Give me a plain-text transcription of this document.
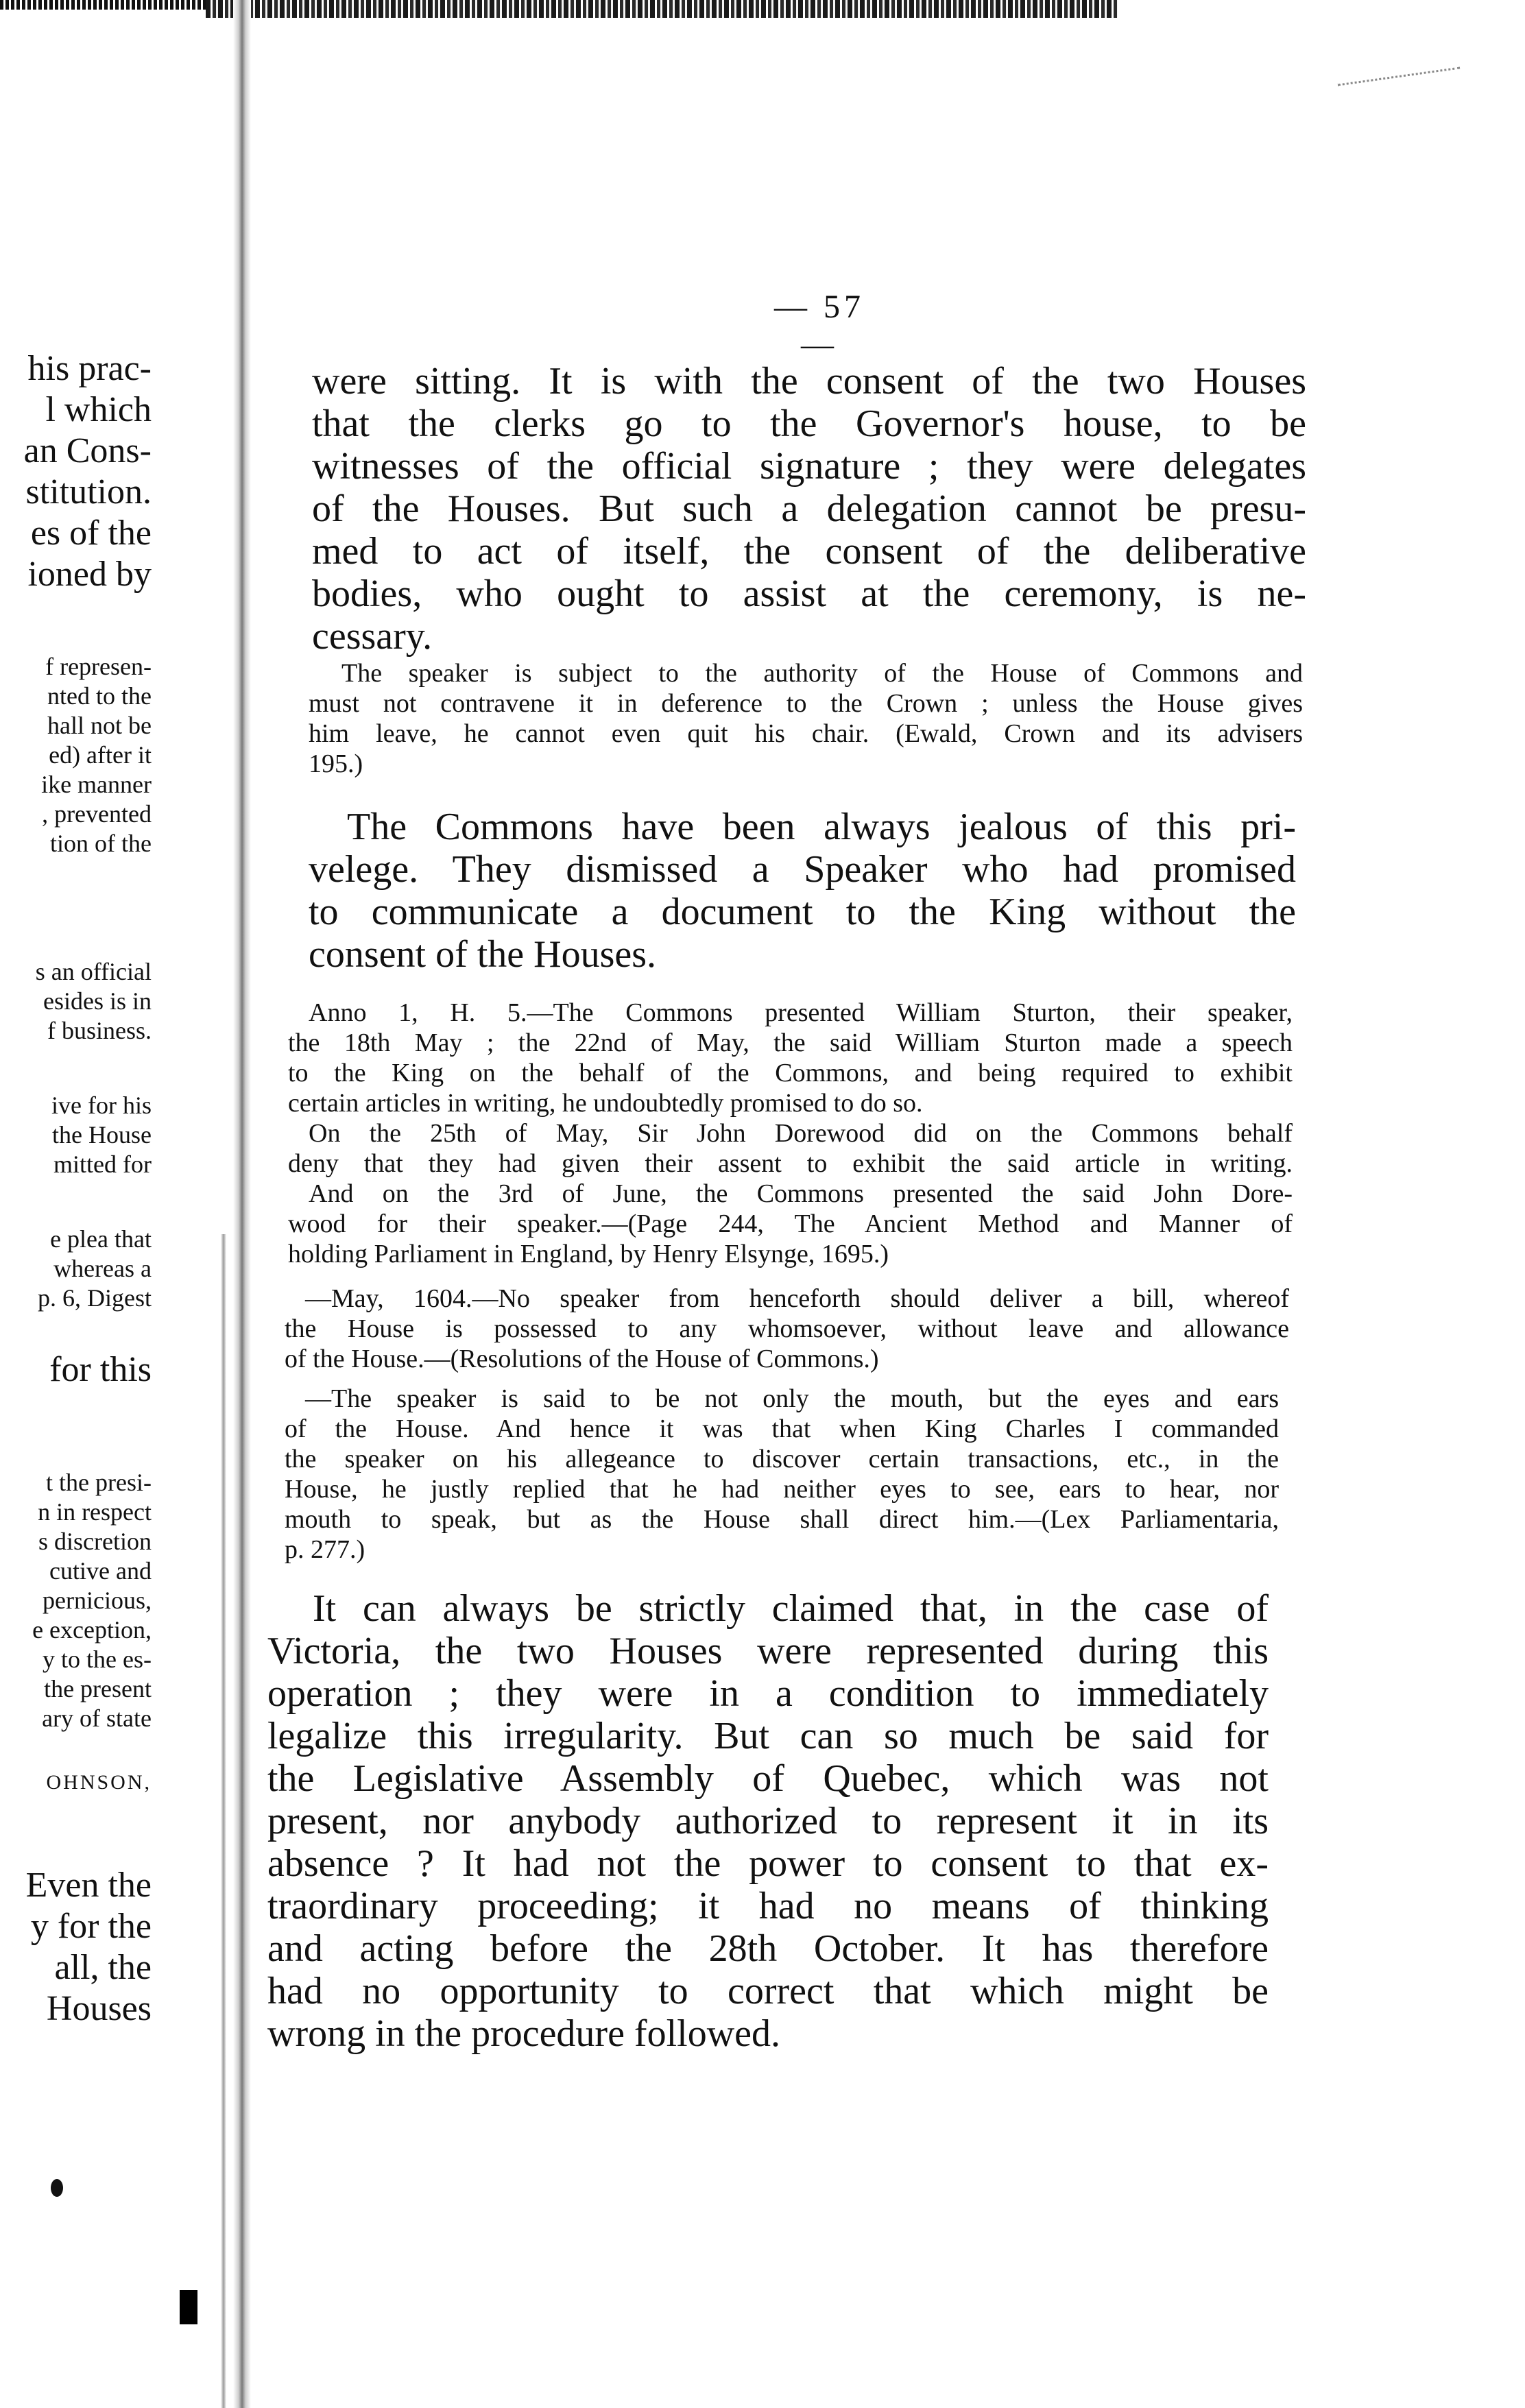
his prac-
l which
an Cons-
stitution.
es of the
ioned by
f represen-
nted to the
hall not be
ed) after it
ike manner
, prevented
tion of the
s an official
esides is in
f business.
ive for his
the House
mitted for
e plea that
whereas a
p. 6, Digest
for this
t the presi-
n in respect
s discretion
cutive and
pernicious,
e exception,
y to the es-
the present
ary of state
OHNSON,
Even the
y for the
all, the
Houses
— 57 —
were sitting. It is with the consent of the two Houses
that the clerks go to the Governor's house, to be
witnesses of the official signature ; they were delegates
of the Houses. But such a delegation cannot be presu-
med to act of itself, the consent of the deliberative
bodies, who ought to assist at the ceremony, is ne-
cessary.
The speaker is subject to the authority of the House of Commons and
must not contravene it in deference to the Crown ; unless the House gives
him leave, he cannot even quit his chair. (Ewald, Crown and its advisers
195.)
The Commons have been always jealous of this pri-
velege. They dismissed a Speaker who had promised
to communicate a document to the King without the
consent of the Houses.
Anno 1, H. 5.—The Commons presented William Sturton, their speaker,
the 18th May ; the 22nd of May, the said William Sturton made a speech
to the King on the behalf of the Commons, and being required to exhibit
certain articles in writing, he undoubtedly promised to do so.
On the 25th of May, Sir John Dorewood did on the Commons behalf
deny that they had given their assent to exhibit the said article in writing.
And on the 3rd of June, the Commons presented the said John Dore-
wood for their speaker.—(Page 244, The Ancient Method and Manner of
holding Parliament in England, by Henry Elsynge, 1695.)
—May, 1604.—No speaker from henceforth should deliver a bill, whereof
the House is possessed to any whomsoever, without leave and allowance
of the House.—(Resolutions of the House of Commons.)
—The speaker is said to be not only the mouth, but the eyes and ears
of the House. And hence it was that when King Charles I commanded
the speaker on his allegeance to discover certain transactions, etc., in the
House, he justly replied that he had neither eyes to see, ears to hear, nor
mouth to speak, but as the House shall direct him.—(Lex Parliamentaria,
p. 277.)
It can always be strictly claimed that, in the case of
Victoria, the two Houses were represented during this
operation ; they were in a condition to immediately
legalize this irregularity. But can so much be said for
the Legislative Assembly of Quebec, which was not
present, nor anybody authorized to represent it in its
absence ? It had not the power to consent to that ex-
traordinary proceeding; it had no means of thinking
and acting before the 28th October. It has therefore
had no opportunity to correct that which might be
wrong in the procedure followed.
